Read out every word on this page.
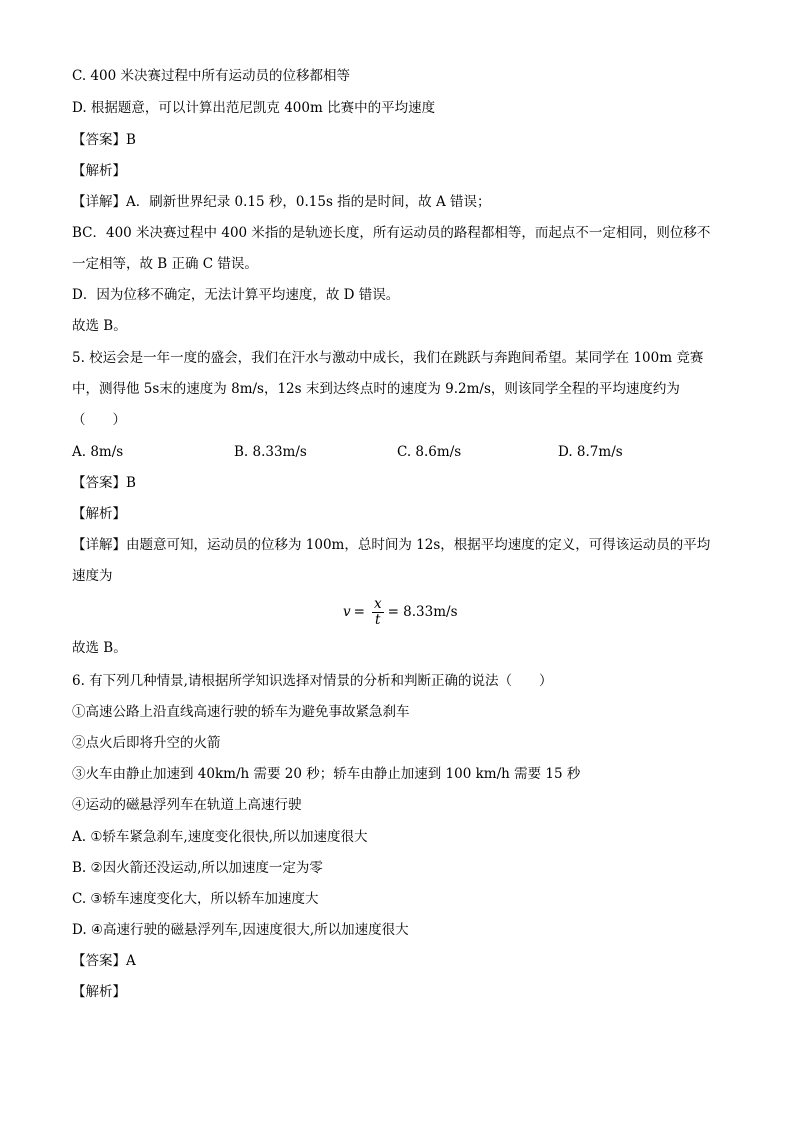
C. 400 米决赛过程中所有运动员的位移都相等
D. 根据题意，可以计算出范尼凯克 400m 比赛中的平均速度
【答案】B
【解析】
【详解】A．刷新世界纪录 0.15 秒，0.15s 指的是时间，故 A 错误；
BC．400 米决赛过程中 400 米指的是轨迹长度，所有运动员的路程都相等，而起点不一定相同，则位移不
一定相等，故 B 正确 C 错误。
D．因为位移不确定，无法计算平均速度，故 D 错误。
故选 B。
5. 校运会是一年一度的盛会，我们在汗水与激动中成长，我们在跳跃与奔跑间希望。某同学在 100m 竞赛
中，测得他 5s末的速度为 8m/s，12s 末到达终点时的速度为 9.2m/s，则该同学全程的平均速度约为
（　　）
A. 8m/s	B. 8.33m/s	C. 8.6m/s	D. 8.7m/s
【答案】B
【解析】
【详解】由题意可知，运动员的位移为 100m，总时间为 12s，根据平均速度的定义，可得该运动员的平均
速度为
$v = \frac{x}{t} = 8.33m/s$
故选 B。
6. 有下列几种情景,请根据所学知识选择对情景的分析和判断正确的说法（　　）
①高速公路上沿直线高速行驶的轿车为避免事故紧急刹车
②点火后即将升空的火箭
③火车由静止加速到 40km/h 需要 20 秒；轿车由静止加速到 100 km/h 需要 15 秒
④运动的磁悬浮列车在轨道上高速行驶
A. ①轿车紧急刹车,速度变化很快,所以加速度很大
B. ②因火箭还没运动,所以加速度一定为零
C. ③轿车速度变化大，所以轿车加速度大
D. ④高速行驶的磁悬浮列车,因速度很大,所以加速度很大
【答案】A
【解析】
